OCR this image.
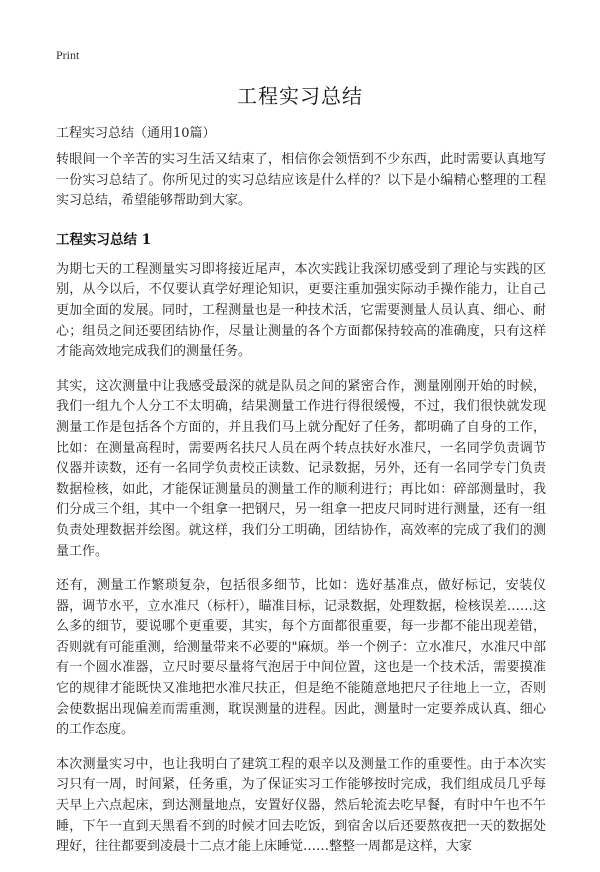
Print
工程实习总结
工程实习总结（通用10篇）

转眼间一个辛苦的实习生活又结束了，相信你会领悟到不少东西，此时需要认真地写一份实习总结了。你所见过的实习总结应该是什么样的？以下是小编精心整理的工程实习总结，希望能够帮助到大家。

工程实习总结 1

为期七天的工程测量实习即将接近尾声，本次实践让我深切感受到了理论与实践的区别，从今以后，不仅要认真学好理论知识，更要注重加强实际动手操作能力，让自己更加全面的发展。同时，工程测量也是一种技术活，它需要测量人员认真、细心、耐心；组员之间还要团结协作，尽量让测量的各个方面都保持较高的准确度，只有这样才能高效地完成我们的测量任务。

其实，这次测量中让我感受最深的就是队员之间的紧密合作，测量刚刚开始的时候，我们一组九个人分工不太明确，结果测量工作进行得很缓慢，不过，我们很快就发现测量工作是包括各个方面的，并且我们马上就分配好了任务，都明确了自身的工作，比如：在测量高程时，需要两名扶尺人员在两个转点扶好水准尺，一名同学负责调节仪器并读数，还有一名同学负责校正读数、记录数据，另外，还有一名同学专门负责数据检核，如此，才能保证测量员的测量工作的顺利进行；再比如：碎部测量时，我们分成三个组，其中一个组拿一把钢尺，另一组拿一把皮尺同时进行测量，还有一组负责处理数据并绘图。就这样，我们分工明确，团结协作，高效率的完成了我们的测量工作。

还有，测量工作繁琐复杂，包括很多细节，比如：选好基准点，做好标记，安装仪器，调节水平，立水准尺（标杆），瞄准目标，记录数据，处理数据，检核误差……这么多的细节，要说哪个更重要，其实，每个方面都很重要，每一步都不能出现差错，否则就有可能重测，给测量带来不必要的"麻烦。举一个例子：立水准尺，水准尺中部有一个圆水准器，立尺时要尽量将气泡居于中间位置，这也是一个技术活，需要摸准它的规律才能既快又准地把水准尺扶正，但是绝不能随意地把尺子往地上一立，否则会使数据出现偏差而需重测，耽误测量的进程。因此，测量时一定要养成认真、细心的工作态度。

本次测量实习中，也让我明白了建筑工程的艰辛以及测量工作的重要性。由于本次实习只有一周，时间紧，任务重，为了保证实习工作能够按时完成，我们组成员几乎每天早上六点起床，到达测量地点，安置好仪器，然后轮流去吃早餐，有时中午也不午睡，下午一直到天黑看不到的时候才回去吃饭，到宿舍以后还要熬夜把一天的数据处理好，往往都要到凌晨十二点才能上床睡觉……整整一周都是这样，大家
